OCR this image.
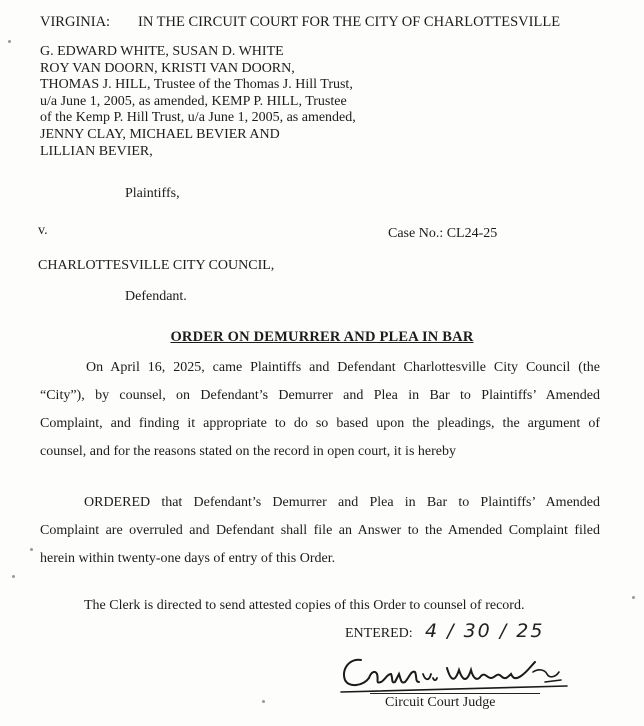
VIRGINIA: IN THE CIRCUIT COURT FOR THE CITY OF CHARLOTTESVILLE
G. EDWARD WHITE, SUSAN D. WHITE
ROY VAN DOORN, KRISTI VAN DOORN,
THOMAS J. HILL, Trustee of the Thomas J. Hill Trust,
u/a June 1, 2005, as amended, KEMP P. HILL, Trustee
of the Kemp P. Hill Trust, u/a June 1, 2005, as amended,
JENNY CLAY, MICHAEL BEVIER AND
LILLIAN BEVIER,
Plaintiffs,
v.	Case No.: CL24-25
CHARLOTTESVILLE CITY COUNCIL,
Defendant.
ORDER ON DEMURRER AND PLEA IN BAR
On April 16, 2025, came Plaintiffs and Defendant Charlottesville City Council (the
“City”), by counsel, on Defendant’s Demurrer and Plea in Bar to Plaintiffs’ Amended
Complaint, and finding it appropriate to do so based upon the pleadings, the argument of
counsel, and for the reasons stated on the record in open court, it is hereby
ORDERED that Defendant’s Demurrer and Plea in Bar to Plaintiffs’ Amended
Complaint are overruled and Defendant shall file an Answer to the Amended Complaint filed
herein within twenty-one days of entry of this Order.
The Clerk is directed to send attested copies of this Order to counsel of record.
ENTERED: 4 / 30 / 25
Circuit Court Judge
